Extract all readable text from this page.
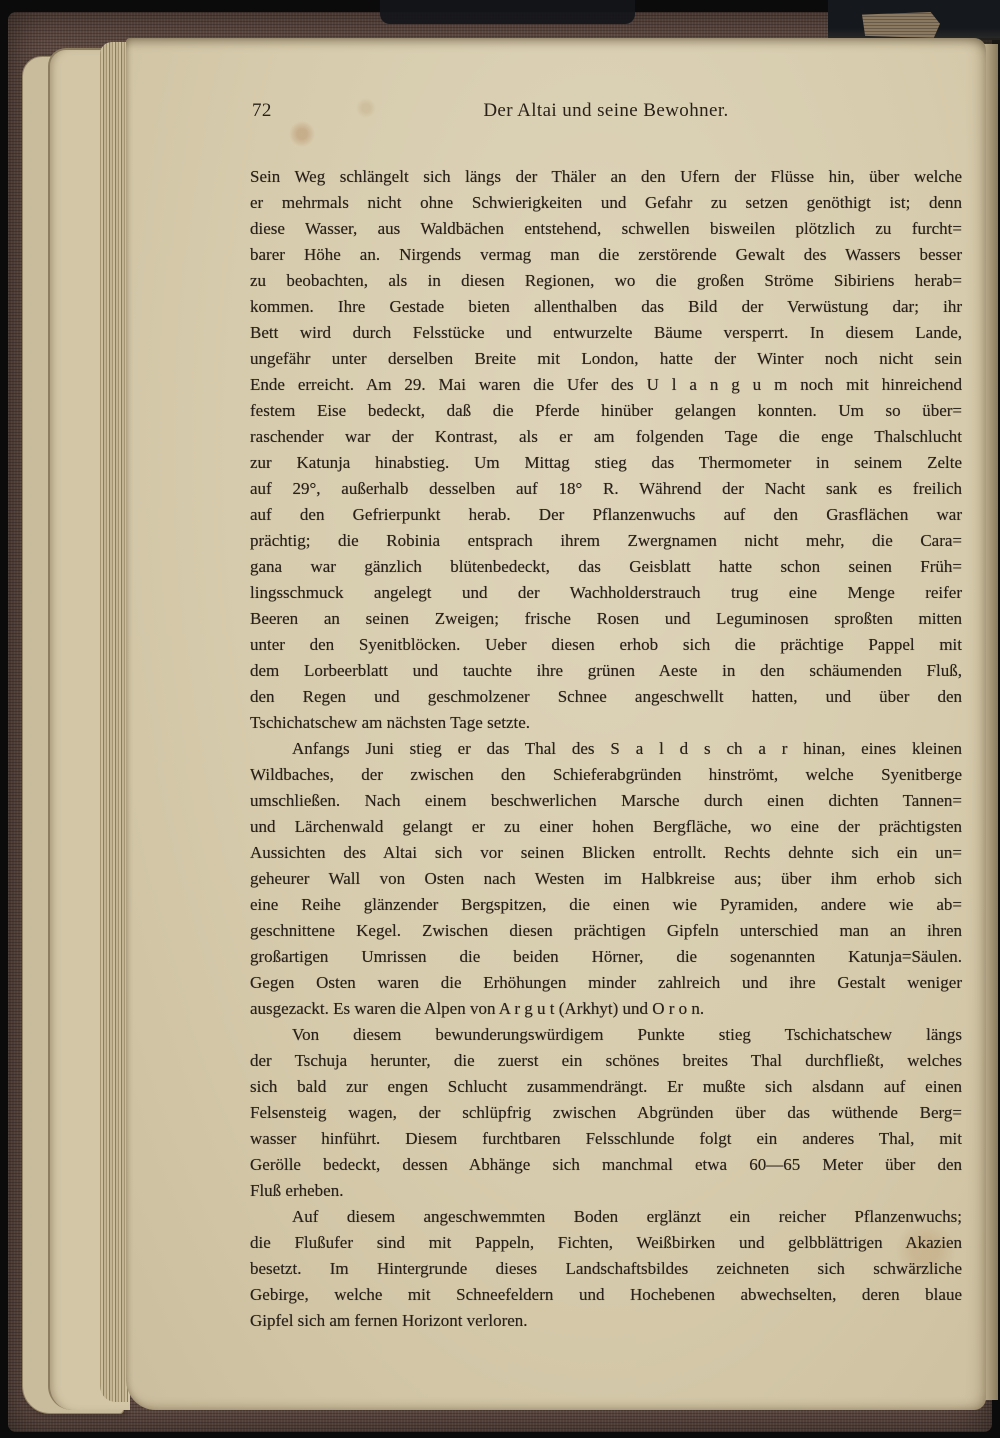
72	Der Altai und seine Bewohner.
Sein Weg schlängelt sich längs der Thäler an den Ufern der Flüsse hin, über welche
er mehrmals nicht ohne Schwierigkeiten und Gefahr zu setzen genöthigt ist; denn
diese Wasser, aus Waldbächen entstehend, schwellen bisweilen plötzlich zu furcht=
barer Höhe an. Nirgends vermag man die zerstörende Gewalt des Wassers besser
zu beobachten, als in diesen Regionen, wo die großen Ströme Sibiriens herab=
kommen. Ihre Gestade bieten allenthalben das Bild der Verwüstung dar; ihr
Bett wird durch Felsstücke und entwurzelte Bäume versperrt. In diesem Lande,
ungefähr unter derselben Breite mit London, hatte der Winter noch nicht sein
Ende erreicht. Am 29. Mai waren die Ufer des U l a n g u m noch mit hinreichend
festem Eise bedeckt, daß die Pferde hinüber gelangen konnten. Um so über=
raschender war der Kontrast, als er am folgenden Tage die enge Thalschlucht
zur Katunja hinabstieg. Um Mittag stieg das Thermometer in seinem Zelte
auf 29°, außerhalb desselben auf 18° R. Während der Nacht sank es freilich
auf den Gefrierpunkt herab. Der Pflanzenwuchs auf den Grasflächen war
prächtig; die Robinia entsprach ihrem Zwergnamen nicht mehr, die Cara=
gana war gänzlich blütenbedeckt, das Geisblatt hatte schon seinen Früh=
lingsschmuck angelegt und der Wachholderstrauch trug eine Menge reifer
Beeren an seinen Zweigen; frische Rosen und Leguminosen sproßten mitten
unter den Syenitblöcken. Ueber diesen erhob sich die prächtige Pappel mit
dem Lorbeerblatt und tauchte ihre grünen Aeste in den schäumenden Fluß,
den Regen und geschmolzener Schnee angeschwellt hatten, und über den
Tschichatschew am nächsten Tage setzte.
Anfangs Juni stieg er das Thal des S a l d s ch a r hinan, eines kleinen
Wildbaches, der zwischen den Schieferabgründen hinströmt, welche Syenitberge
umschließen. Nach einem beschwerlichen Marsche durch einen dichten Tannen=
und Lärchenwald gelangt er zu einer hohen Bergfläche, wo eine der prächtigsten
Aussichten des Altai sich vor seinen Blicken entrollt. Rechts dehnte sich ein un=
geheurer Wall von Osten nach Westen im Halbkreise aus; über ihm erhob sich
eine Reihe glänzender Bergspitzen, die einen wie Pyramiden, andere wie ab=
geschnittene Kegel. Zwischen diesen prächtigen Gipfeln unterschied man an ihren
großartigen Umrissen die beiden Hörner, die sogenannten Katunja=Säulen.
Gegen Osten waren die Erhöhungen minder zahlreich und ihre Gestalt weniger
ausgezackt. Es waren die Alpen von A r g u t (Arkhyt) und O r o n.
Von diesem bewunderungswürdigem Punkte stieg Tschichatschew längs
der Tschuja herunter, die zuerst ein schönes breites Thal durchfließt, welches
sich bald zur engen Schlucht zusammendrängt. Er mußte sich alsdann auf einen
Felsensteig wagen, der schlüpfrig zwischen Abgründen über das wüthende Berg=
wasser hinführt. Diesem furchtbaren Felsschlunde folgt ein anderes Thal, mit
Gerölle bedeckt, dessen Abhänge sich manchmal etwa 60—65 Meter über den
Fluß erheben.
Auf diesem angeschwemmten Boden erglänzt ein reicher Pflanzenwuchs;
die Flußufer sind mit Pappeln, Fichten, Weißbirken und gelbblättrigen Akazien
besetzt. Im Hintergrunde dieses Landschaftsbildes zeichneten sich schwärzliche
Gebirge, welche mit Schneefeldern und Hochebenen abwechselten, deren blaue
Gipfel sich am fernen Horizont verloren.
